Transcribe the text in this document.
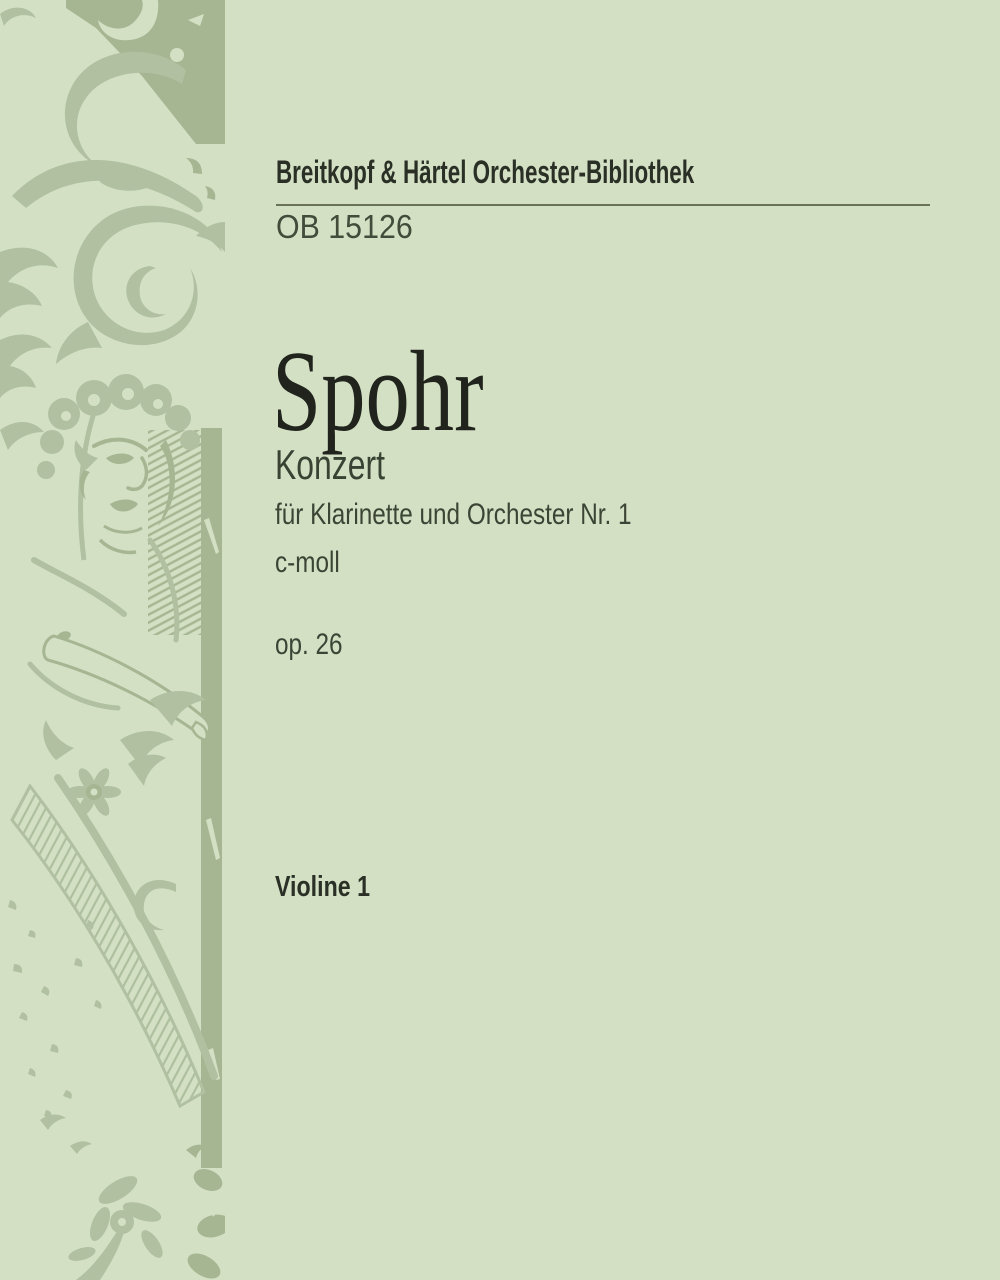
Breitkopf & Härtel Orchester-Bibliothek
OB 15126
Spohr
Konzert
für Klarinette und Orchester Nr. 1
c-moll
op. 26
Violine 1
